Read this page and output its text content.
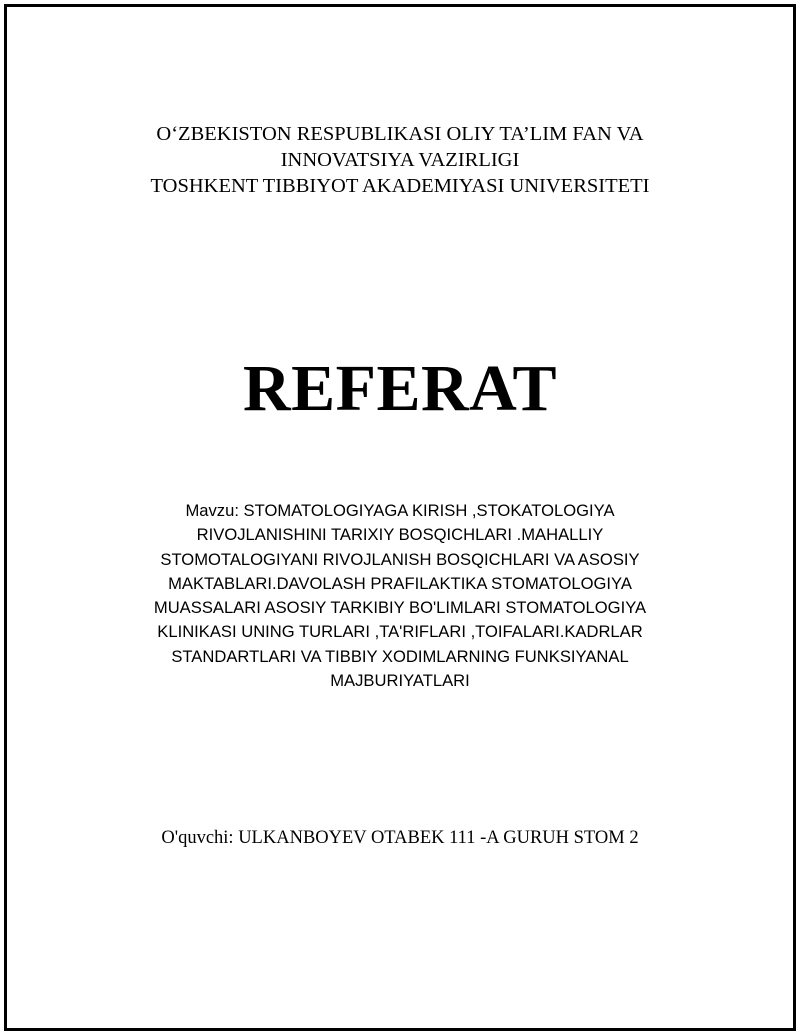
O‘ZBEKISTON RESPUBLIKASI OLIY TA’LIM FAN VA
INNOVATSIYA VAZIRLIGI
TOSHKENT TIBBIYOT AKADEMIYASI UNIVERSITETI
REFERAT
Mavzu: STOMATOLOGIYAGA KIRISH ,STOKATOLOGIYA
RIVOJLANISHINI TARIXIY BOSQICHLARI .MAHALLIY
STOMOTALOGIYANI RIVOJLANISH BOSQICHLARI VA ASOSIY
MAKTABLARI.DAVOLASH PRAFILAKTIKA STOMATOLOGIYA
MUASSALARI ASOSIY TARKIBIY BO'LIMLARI STOMATOLOGIYA
KLINIKASI UNING TURLARI ,TA'RIFLARI ,TOIFALARI.KADRLAR
STANDARTLARI VA TIBBIY XODIMLARNING FUNKSIYANAL
MAJBURIYATLARI
O'quvchi: ULKANBOYEV OTABEK 111 -A GURUH STOM 2
